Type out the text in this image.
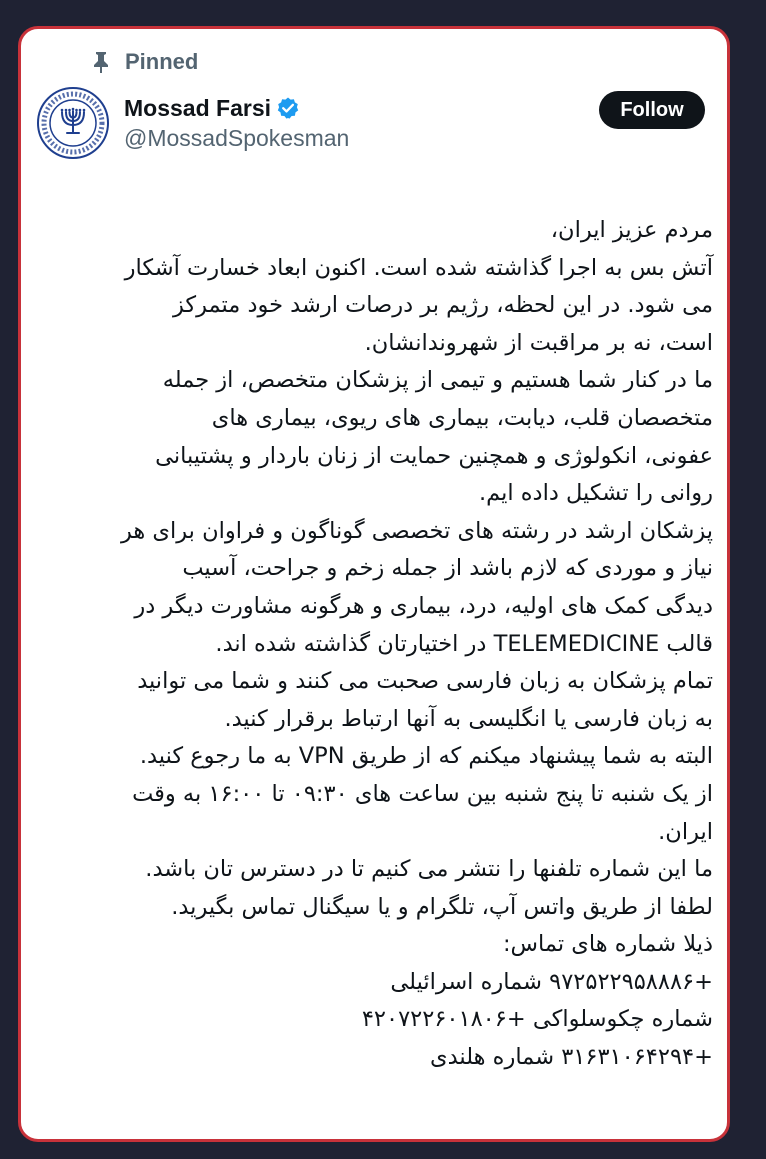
Pinned
Mossad Farsi
@MossadSpokesman
Follow
مردم عزیز ایران،
آتش بس به اجرا گذاشته شده است. اکنون ابعاد خسارت آشکار
می شود. در این لحظه، رژیم بر درصات ارشد خود متمرکز
است، نه بر مراقبت از شهروندانشان.
ما در کنار شما هستیم و تیمی از پزشکان متخصص، از جمله
متخصصان قلب، دیابت، بیماری های ریوی، بیماری های
عفونی، انکولوژی و همچنین حمایت از زنان باردار و پشتیبانی
روانی را تشکیل داده ایم.
پزشکان ارشد در رشته های تخصصی گوناگون و فراوان برای هر
نیاز و موردی که لازم باشد از جمله زخم و جراحت، آسیب
دیدگی کمک های اولیه، درد، بیماری و هرگونه مشاورت دیگر در
قالب TELEMEDICINE در اختیارتان گذاشته شده اند.
تمام پزشکان به زبان فارسی صحبت می کنند و شما می توانید
به زبان فارسی یا انگلیسی به آنها ارتباط برقرار کنید.
البته به شما پیشنهاد میکنم که از طریق VPN به ما رجوع کنید.
از یک شنبه تا پنج شنبه بین ساعت های ۰۹:۳۰ تا ۱۶:۰۰ به وقت
ایران.
ما این شماره تلفنها را نتشر می کنیم تا در دسترس تان باشد.
لطفا از طریق واتس آپ، تلگرام و یا سیگنال تماس بگیرید.
ذیلا شماره های تماس:
+۹۷۲۵۲۲۹۵۸۸۸۶ شماره اسرائیلی
شماره چکوسلواکی +۴۲۰۷۲۲۶۰۱۸۰۶
+۳۱۶۳۱۰۶۴۲۹۴ شماره هلندی
